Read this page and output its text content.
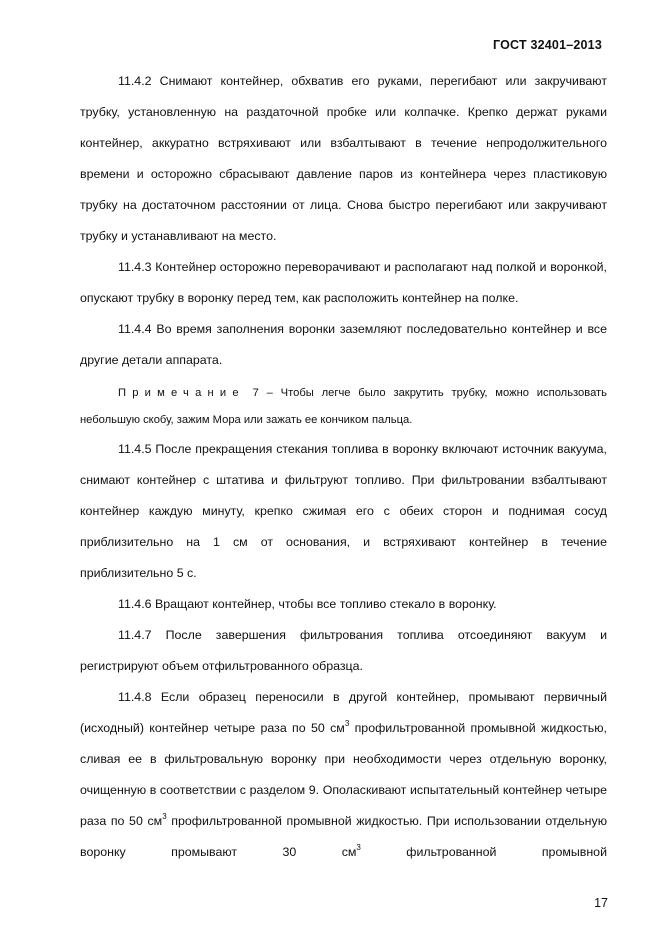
ГОСТ 32401–2013

11.4.2 Снимают контейнер, обхватив его руками, перегибают или закручивают трубку, установленную на раздаточной пробке или колпачке. Крепко держат руками контейнер, аккуратно встряхивают или взбалтывают в течение непродолжительного времени и осторожно сбрасывают давление паров из контейнера через пластиковую трубку на достаточном расстоянии от лица. Снова быстро перегибают или закручивают трубку и устанавливают на место.

11.4.3 Контейнер осторожно переворачивают и располагают над полкой и воронкой, опускают трубку в воронку перед тем, как расположить контейнер на полке.

11.4.4 Во время заполнения воронки заземляют последовательно контейнер и все другие детали аппарата.

Примечание 7 – Чтобы легче было закрутить трубку, можно использовать небольшую скобу, зажим Мора или зажать ее кончиком пальца.

11.4.5 После прекращения стекания топлива в воронку включают источник вакуума, снимают контейнер с штатива и фильтруют топливо. При фильтровании взбалтывают контейнер каждую минуту, крепко сжимая его с обеих сторон и поднимая сосуд приблизительно на 1 см от основания, и встряхивают контейнер в течение приблизительно 5 с.

11.4.6 Вращают контейнер, чтобы все топливо стекало в воронку.

11.4.7 После завершения фильтрования топлива отсоединяют вакуум и регистрируют объем отфильтрованного образца.

11.4.8 Если образец переносили в другой контейнер, промывают первичный (исходный) контейнер четыре раза по 50 $см^3$ профильтрованной промывной жидкостью, сливая ее в фильтровальную воронку при необходимости через отдельную воронку, очищенную в соответствии с разделом 9. Ополаскивают испытательный контейнер четыре раза по 50 $см^3$ профильтрованной промывной жидкостью. При использовании отдельную воронку промывают 30 $см^3$ фильтрованной промывной

17
